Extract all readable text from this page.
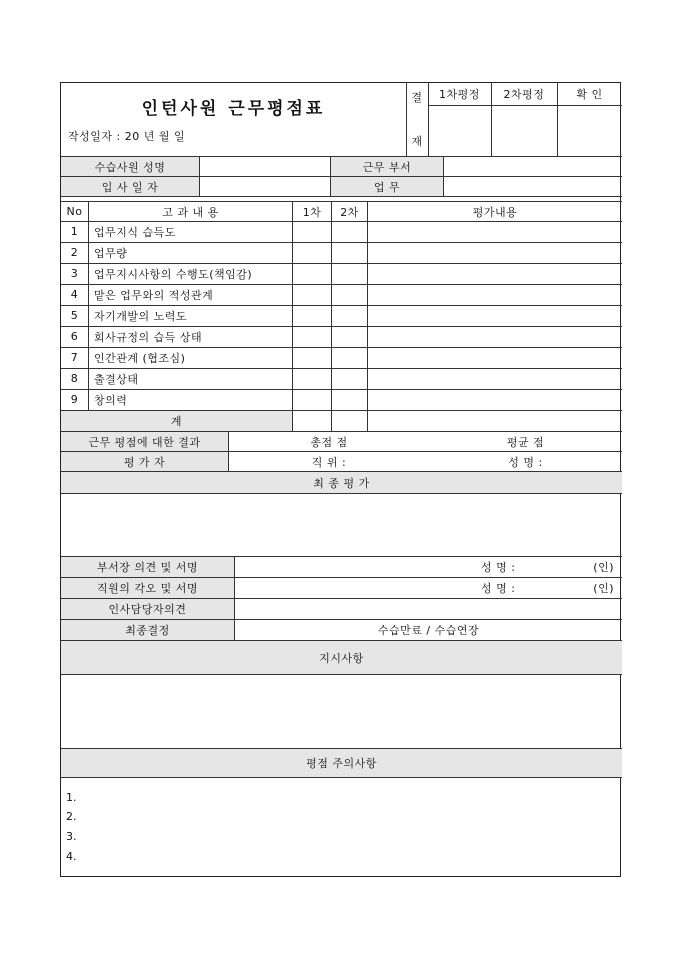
인턴사원 근무평점표
작성일자 : 20 년 월 일
결
재
1차평정	2차평정	확 인
수습사원 성명	근무 부서
입 사 일 자	업 무
No	고 과 내 용	1차	2차	평가내용
1	업무지식 습득도
2	업무량
3	업무지시사항의 수행도(책임감)
4	맡은 업무와의 적성관계
5	자기개발의 노력도
6	회사규정의 습득 상태
7	인간관계 (협조심)
8	출결상태
9	창의력
계
근무 평점에 대한 결과	총점 점	평균 점
평 가 자	직 위 :	성 명 :
최 종 평 가
부서장 의견 및 서명	성 명 :	(인)
직원의 각오 및 서명	성 명 :	(인)
인사담당자의견
최종결정	수습만료 / 수습연장
지시사항
평점 주의사항
1.
2.
3.
4.
